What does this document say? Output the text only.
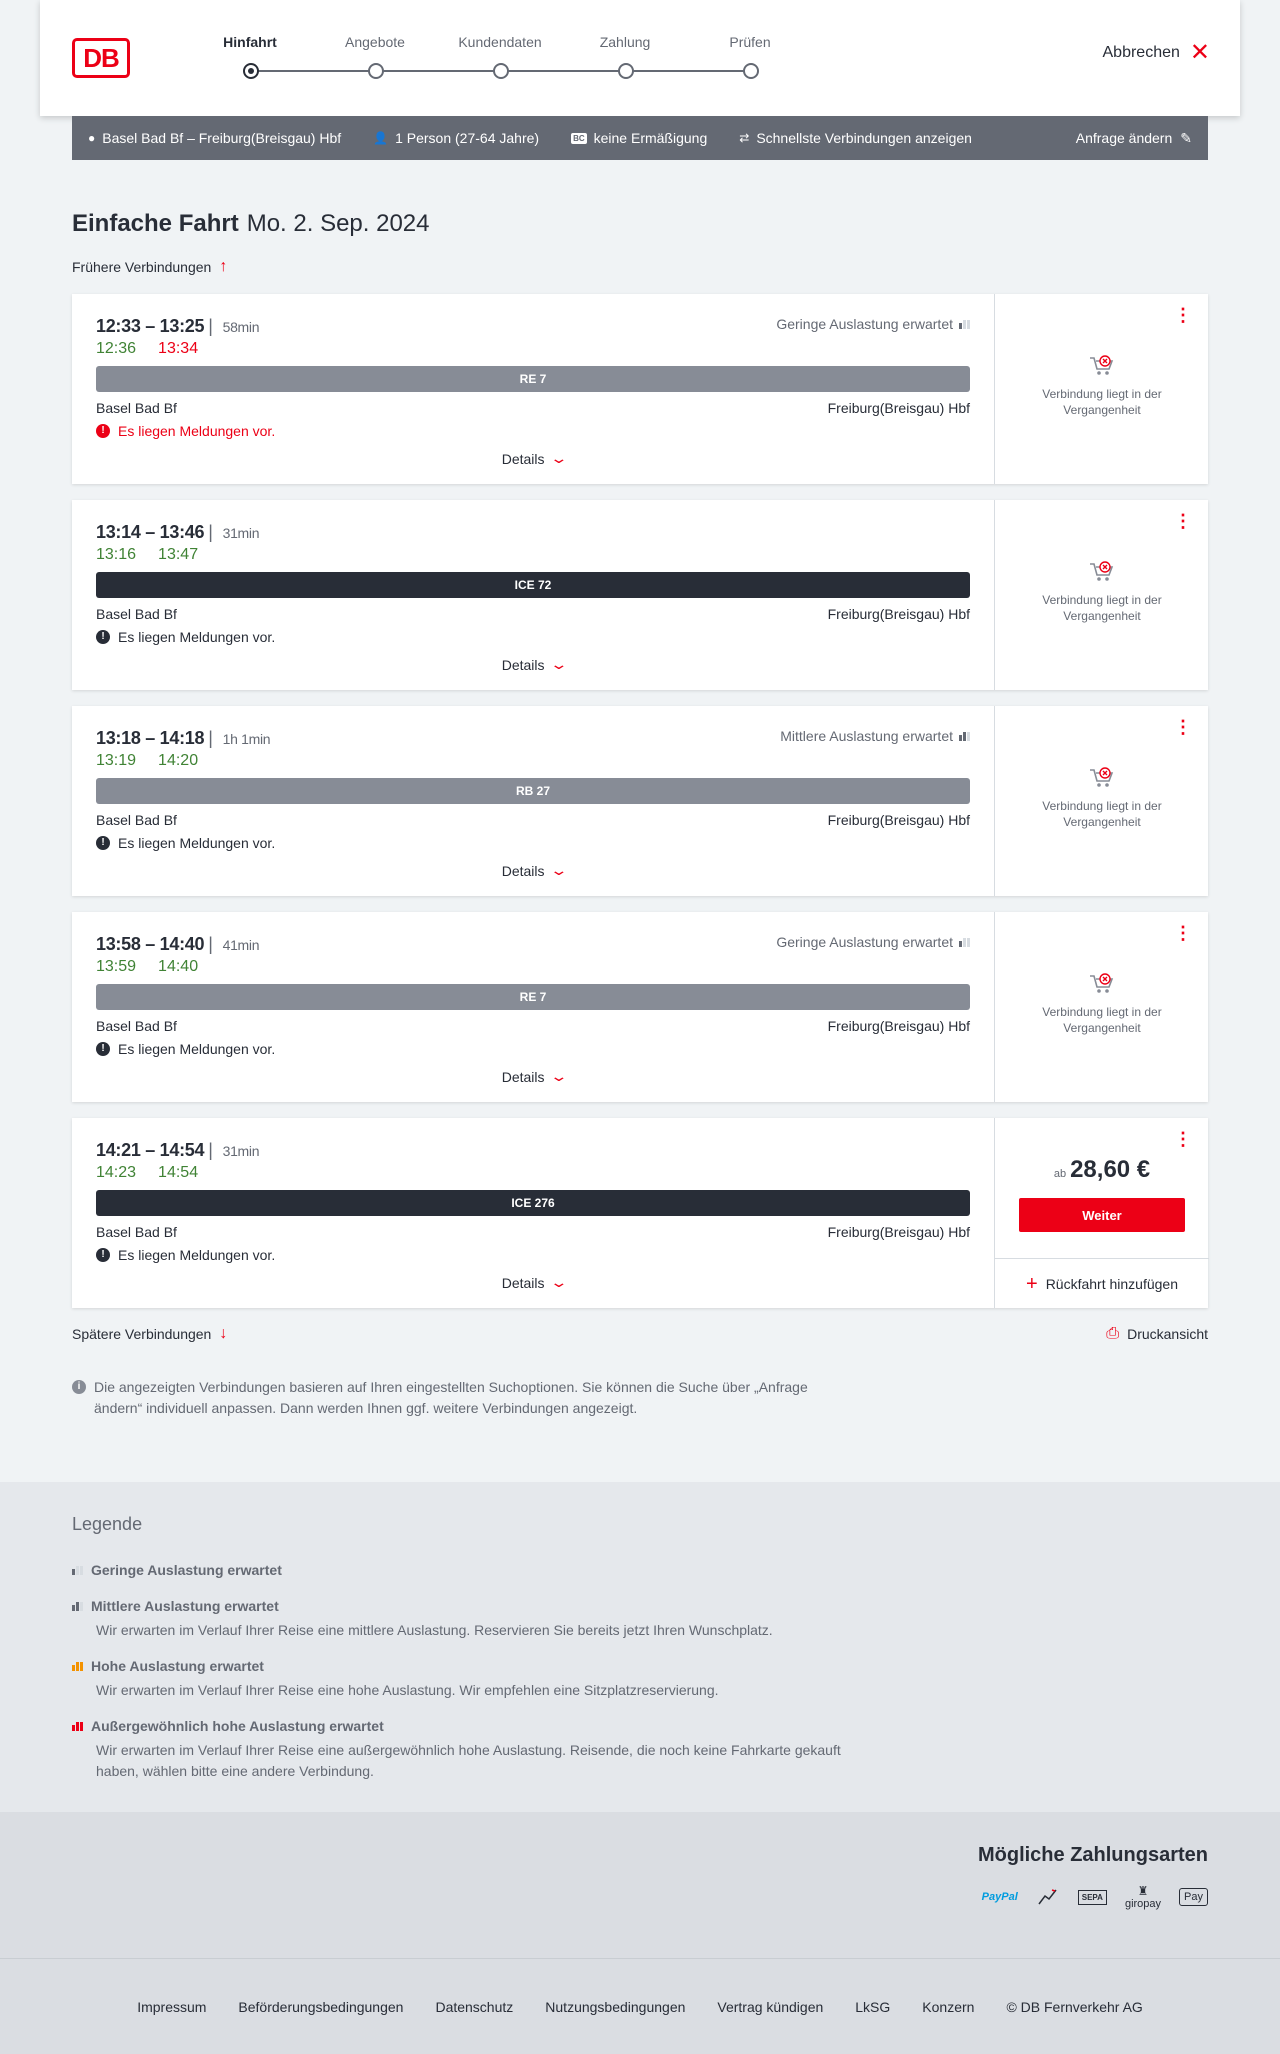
DB
Hinfahrt	Angebote	Kundendaten	Zahlung	Prüfen
Abbrechen ✕
● Basel Bad Bf – Freiburg(Breisgau) Hbf	👤 1 Person (27-64 Jahre)	BC keine Ermäßigung	⇄ Schnellste Verbindungen anzeigen	Anfrage ändern ✎
Einfache Fahrt Mo. 2. Sep. 2024
Frühere Verbindungen ↑
12:33 – 13:25 | 58min
12:36 13:34
Geringe Auslastung erwartet
RE 7
Basel Bad Bf	Freiburg(Breisgau) Hbf
! Es liegen Meldungen vor.
Details ⌄
⋮
Verbindung liegt in der Vergangenheit
13:14 – 13:46 | 31min
13:16 13:47
ICE 72
Basel Bad Bf	Freiburg(Breisgau) Hbf
! Es liegen Meldungen vor.
Details ⌄
⋮
Verbindung liegt in der Vergangenheit
13:18 – 14:18 | 1h 1min
13:19 14:20
Mittlere Auslastung erwartet
RB 27
Basel Bad Bf	Freiburg(Breisgau) Hbf
! Es liegen Meldungen vor.
Details ⌄
⋮
Verbindung liegt in der Vergangenheit
13:58 – 14:40 | 41min
13:59 14:40
Geringe Auslastung erwartet
RE 7
Basel Bad Bf	Freiburg(Breisgau) Hbf
! Es liegen Meldungen vor.
Details ⌄
⋮
Verbindung liegt in der Vergangenheit
14:21 – 14:54 | 31min
14:23 14:54
ICE 276
Basel Bad Bf	Freiburg(Breisgau) Hbf
! Es liegen Meldungen vor.
Details ⌄
⋮
ab 28,60 €
Weiter
+ Rückfahrt hinzufügen
Spätere Verbindungen ↓	⎙ Druckansicht
i Die angezeigten Verbindungen basieren auf Ihren eingestellten Suchoptionen. Sie können die Suche über „Anfrage ändern“ individuell anpassen. Dann werden Ihnen ggf. weitere Verbindungen angezeigt.
Legende
Geringe Auslastung erwartet
Mittlere Auslastung erwartet
Wir erwarten im Verlauf Ihrer Reise eine mittlere Auslastung. Reservieren Sie bereits jetzt Ihren Wunschplatz.
Hohe Auslastung erwartet
Wir erwarten im Verlauf Ihrer Reise eine hohe Auslastung. Wir empfehlen eine Sitzplatzreservierung.
Außergewöhnlich hohe Auslastung erwartet
Wir erwarten im Verlauf Ihrer Reise eine außergewöhnlich hohe Auslastung. Reisende, die noch keine Fahrkarte gekauft haben, wählen bitte eine andere Verbindung.
Mögliche Zahlungsarten
PayPal	SEPA	♜
giropay
Pay
Impressum Beförderungsbedingungen Datenschutz Nutzungsbedingungen Vertrag kündigen LkSG Konzern © DB Fernverkehr AG
